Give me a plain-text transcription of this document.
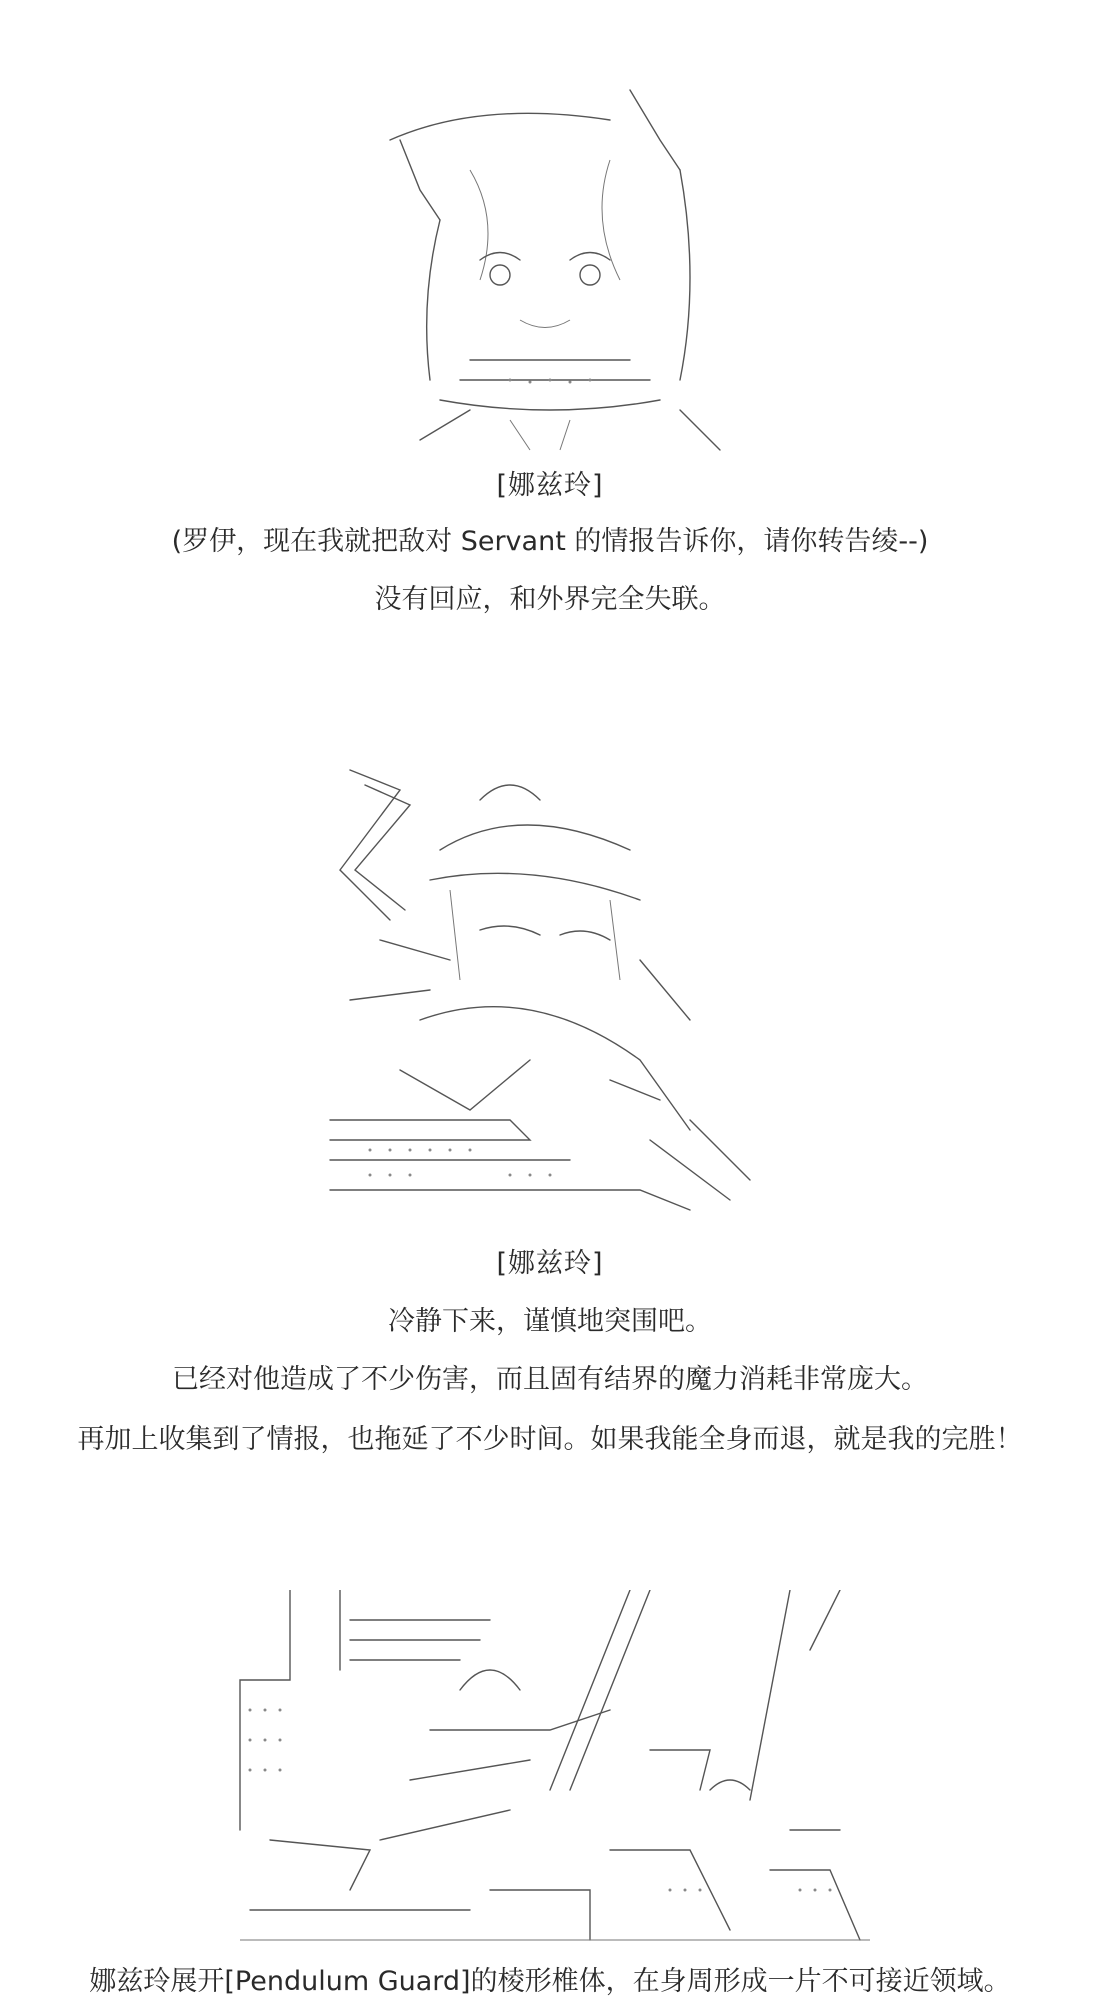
[娜兹玲]
(罗伊，现在我就把敌对 Servant 的情报告诉你，请你转告绫--)
没有回应，和外界完全失联。
[娜兹玲]
冷静下来，谨慎地突围吧。
已经对他造成了不少伤害，而且固有结界的魔力消耗非常庞大。
再加上收集到了情报，也拖延了不少时间。如果我能全身而退，就是我的完胜！
娜兹玲展开[Pendulum Guard]的棱形椎体，在身周形成一片不可接近领域。
